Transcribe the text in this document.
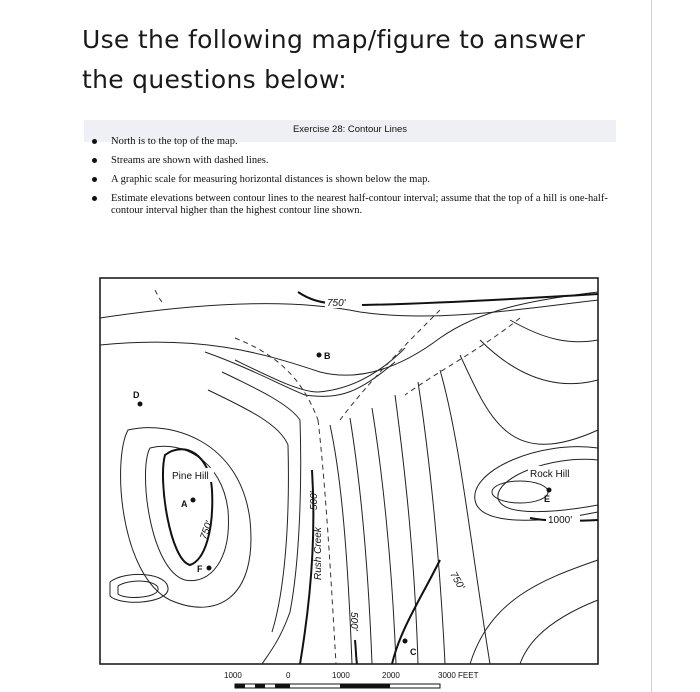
Use the following map/figure to answer
the questions below:
Exercise 28: Contour Lines
North is to the top of the map.
Streams are shown with dashed lines.
A graphic scale for measuring horizontal distances is shown below the map.
Estimate elevations between contour lines to the nearest half-contour interval; assume that the top of a hill is one-half-contour interval higher than the highest contour line shown.
750'
750'
500'
500'
750'
1000'
Pine Hill	Rock Hill
Rush Creek
A
B
C
D
E
F
1000	0	1000	2000	3000 FEET
